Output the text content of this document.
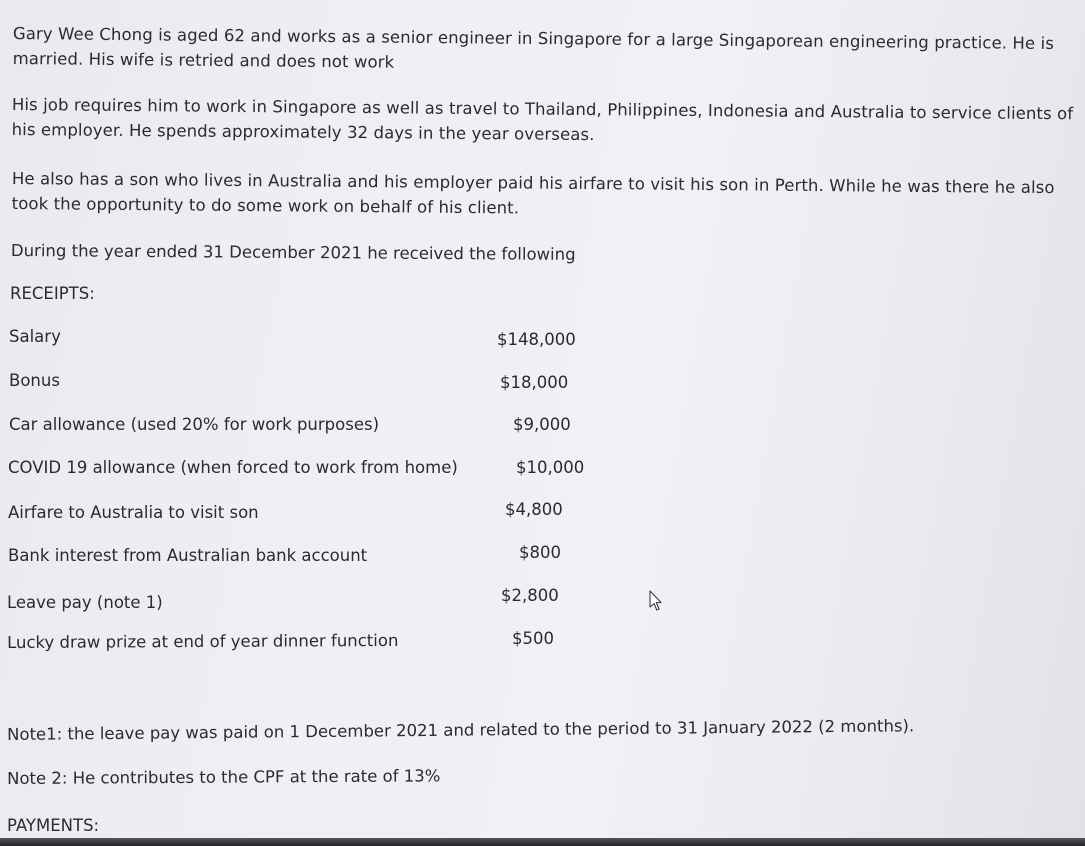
Gary Wee Chong is aged 62 and works as a senior engineer in Singapore for a large Singaporean engineering practice. He is
married. His wife is retried and does not work

His job requires him to work in Singapore as well as travel to Thailand, Philippines, Indonesia and Australia to service clients of
his employer. He spends approximately 32 days in the year overseas.

He also has a son who lives in Australia and his employer paid his airfare to visit his son in Perth. While he was there he also
took the opportunity to do some work on behalf of his client.

During the year ended 31 December 2021 he received the following

RECEIPTS:

Salary	$148,000

Bonus	$18,000

Car allowance (used 20% for work purposes)	$9,000

COVID 19 allowance (when forced to work from home)	$10,000

Airfare to Australia to visit son	$4,800

Bank interest from Australian bank account	$800

Leave pay (note 1)	$2,800

Lucky draw prize at end of year dinner function	$500

Note1: the leave pay was paid on 1 December 2021 and related to the period to 31 January 2022 (2 months).

Note 2: He contributes to the CPF at the rate of 13%

PAYMENTS:
